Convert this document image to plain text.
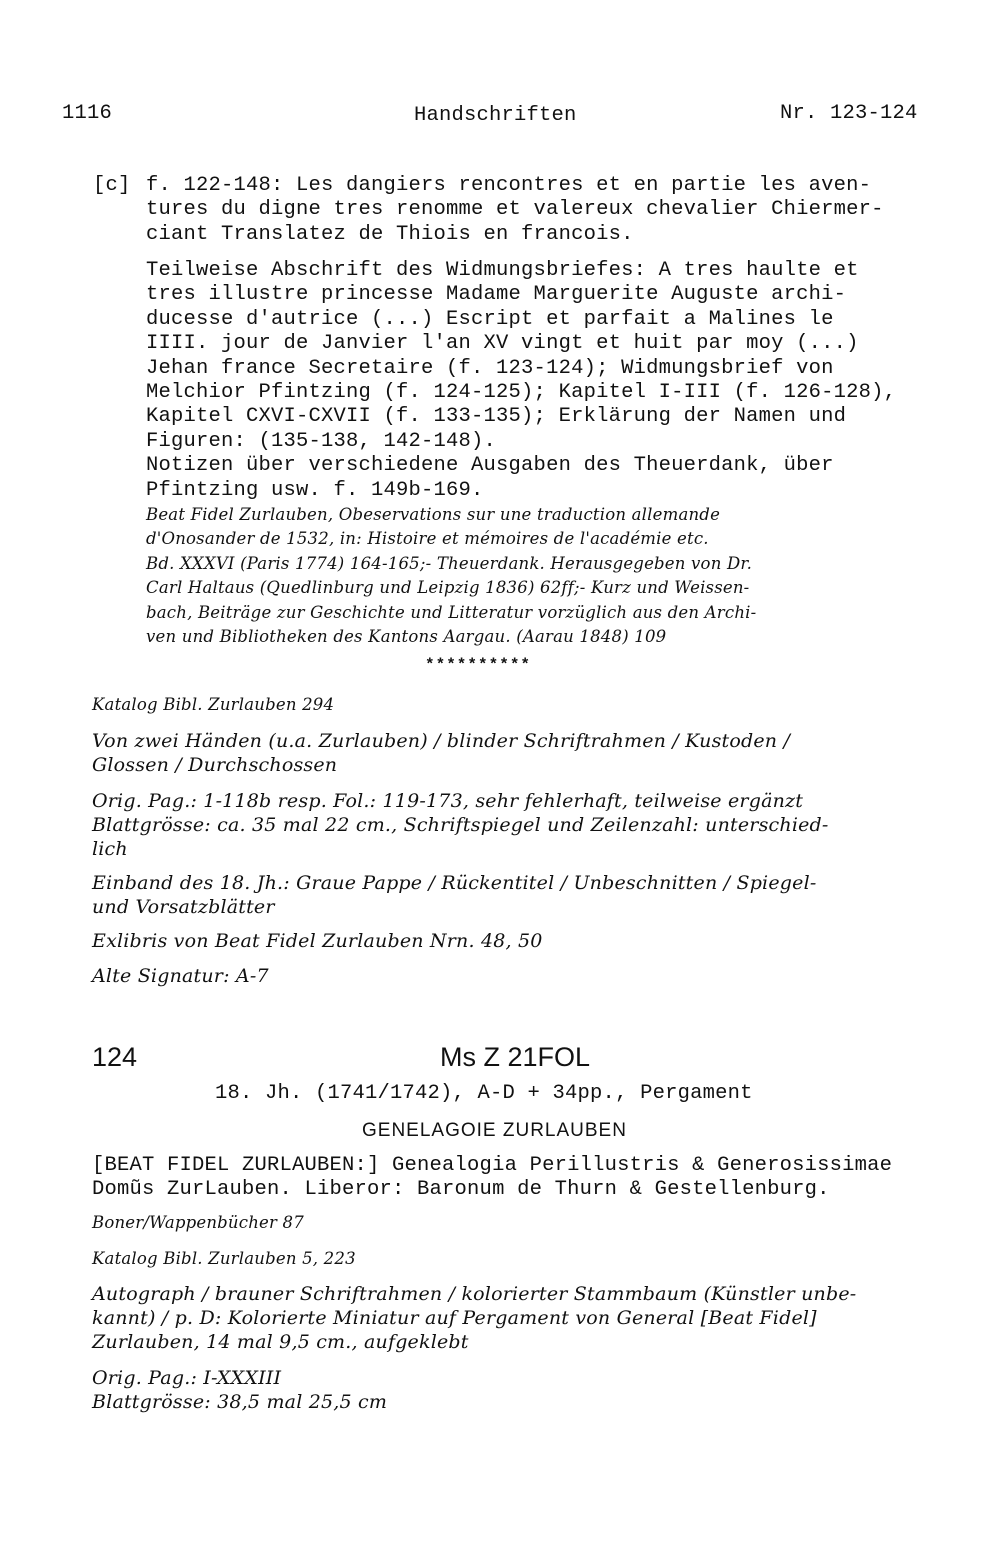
1116	Handschriften	Nr. 123-124
[c] f. 122-148: Les dangiers rencontres et en partie les aven-
tures du digne tres renomme et valereux chevalier Chiermer-
ciant Translatez de Thiois en francois.
Teilweise Abschrift des Widmungsbriefes: A tres haulte et
tres illustre princesse Madame Marguerite Auguste archi-
ducesse d'autrice (...) Escript et parfait a Malines le
IIII. jour de Janvier l'an XV vingt et huit par moy (...)
Jehan france Secretaire (f. 123-124); Widmungsbrief von
Melchior Pfintzing (f. 124-125); Kapitel I-III (f. 126-128),
Kapitel CXVI-CXVII (f. 133-135); Erklärung der Namen und
Figuren: (135-138, 142-148).
Notizen über verschiedene Ausgaben des Theuerdank, über
Pfintzing usw. f. 149b-169.
Beat Fidel Zurlauben, Obeservations sur une traduction allemande
d'Onosander de 1532, in: Histoire et mémoires de l'académie etc.
Bd. XXXVI (Paris 1774) 164-165;- Theuerdank. Herausgegeben von Dr.
Carl Haltaus (Quedlinburg und Leipzig 1836) 62ff;- Kurz und Weissen-
bach, Beiträge zur Geschichte und Litteratur vorzüglich aus den Archi-
ven und Bibliotheken des Kantons Aargau. (Aarau 1848) 109
**********
Katalog Bibl. Zurlauben 294
Von zwei Händen (u.a. Zurlauben) / blinder Schriftrahmen / Kustoden /
Glossen / Durchschossen
Orig. Pag.: 1-118b resp. Fol.: 119-173, sehr fehlerhaft, teilweise ergänzt
Blattgrösse: ca. 35 mal 22 cm., Schriftspiegel und Zeilenzahl: unterschied-
lich
Einband des 18. Jh.: Graue Pappe / Rückentitel / Unbeschnitten / Spiegel-
und Vorsatzblätter
Exlibris von Beat Fidel Zurlauben Nrn. 48, 50
Alte Signatur: A-7
124	Ms Z 21FOL
18. Jh. (1741/1742), A-D + 34pp., Pergament
GENELAGOIE ZURLAUBEN
[BEAT FIDEL ZURLAUBEN:] Genealogia Perillustris & Generosissimae
Domũs ZurLauben. Liberor: Baronum de Thurn & Gestellenburg.
Boner/Wappenbücher 87
Katalog Bibl. Zurlauben 5, 223
Autograph / brauner Schriftrahmen / kolorierter Stammbaum (Künstler unbe-
kannt) / p. D: Kolorierte Miniatur auf Pergament von General [Beat Fidel]
Zurlauben, 14 mal 9,5 cm., aufgeklebt
Orig. Pag.: I-XXXIII
Blattgrösse: 38,5 mal 25,5 cm
